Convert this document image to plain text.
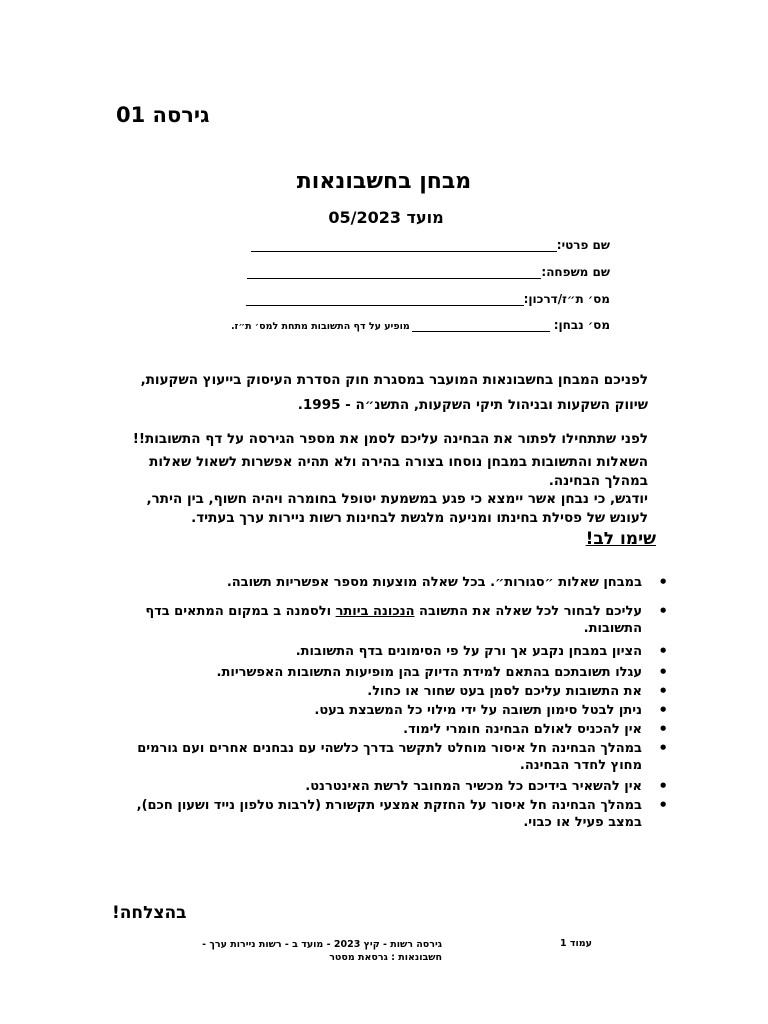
גירסה 01
מבחן בחשבונאות
מועד 05/2023
שם פרטי:
שם משפחה:
מס׳ ת״ז/דרכון:
מס׳ נבחן:
מופיע על דף התשובות מתחת למס׳ ת״ז.
לפניכם המבחן בחשבונאות המועבר במסגרת חוק הסדרת העיסוק בייעוץ השקעות,
שיווק השקעות ובניהול תיקי השקעות, התשנ״ה - 1995.
לפני שתתחילו לפתור את הבחינה עליכם לסמן את מספר הגירסה על דף התשובות!!
השאלות והתשובות במבחן נוסחו בצורה בהירה ולא תהיה אפשרות לשאול שאלות במהלך הבחינה.
יודגש, כי נבחן אשר יימצא כי פגע במשמעת יטופל בחומרה ויהיה חשוף, בין היתר, לעונש של פסילת בחינתו ומניעה מלגשת לבחינות רשות ניירות ערך בעתיד.
שימו לב!
• במבחן שאלות ״סגורות״. בכל שאלה מוצעות מספר אפשריות תשובה.
• עליכם לבחור לכל שאלה את התשובה הנכונה ביותר ולסמנה ב במקום המתאים בדף התשובות.
• הציון במבחן נקבע אך ורק על פי הסימונים בדף התשובות.
• עגלו תשובתכם בהתאם למידת הדיוק בהן מופיעות התשובות האפשריות.
• את התשובות עליכם לסמן בעט שחור או כחול.
• ניתן לבטל סימון תשובה על ידי מילוי כל המשבצת בעט.
• אין להכניס לאולם הבחינה חומרי לימוד.
• במהלך הבחינה חל איסור מוחלט לתקשר בדרך כלשהי עם נבחנים אחרים ועם גורמים מחוץ לחדר הבחינה.
• אין להשאיר בידיכם כל מכשיר המחובר לרשת האינטרנט.
• במהלך הבחינה חל איסור על החזקת אמצעי תקשורת (לרבות טלפון נייד ושעון חכם), במצב פעיל או כבוי.
בהצלחה!
גירסה רשות - קיץ 2023 - מועד ב - רשות ניירות ערך -
חשבונאות : גרסאת מסטר
עמוד 1
